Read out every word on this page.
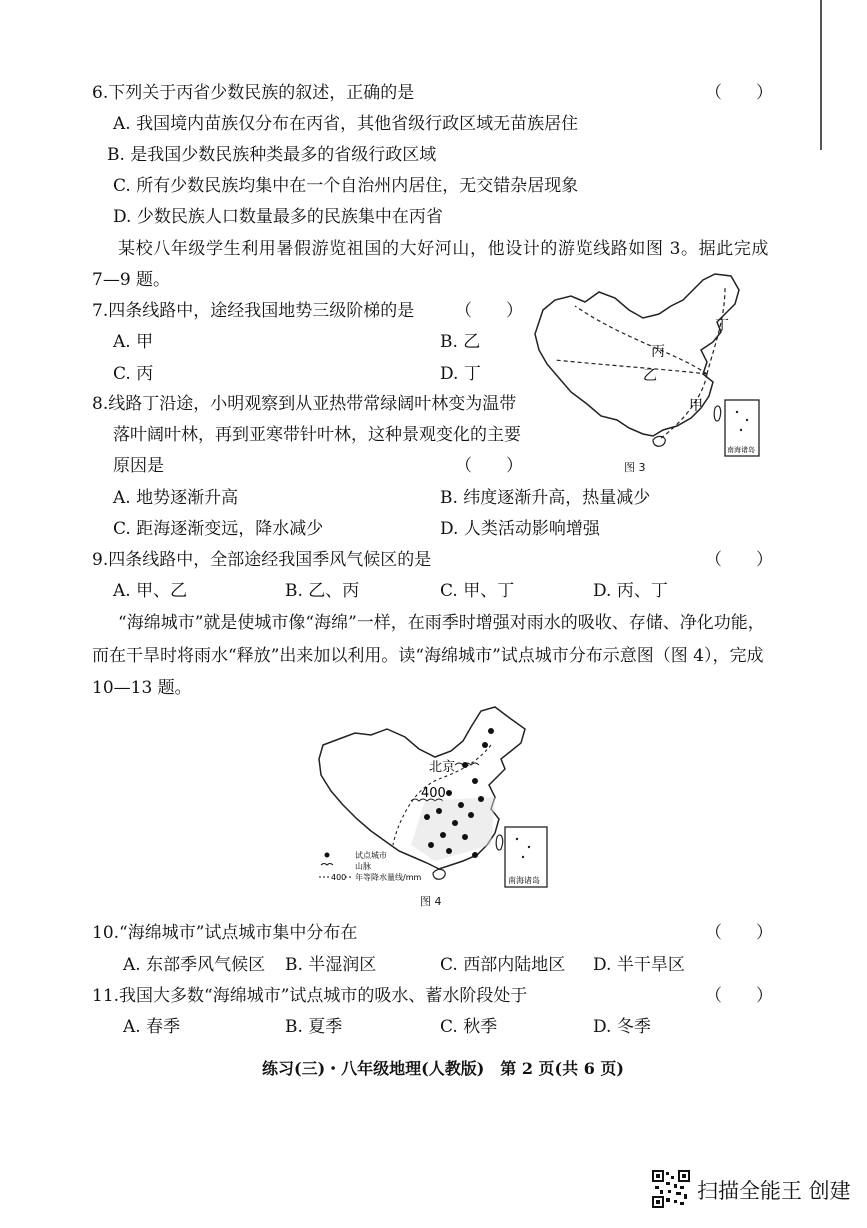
6.下列关于丙省少数民族的叙述，正确的是	（　　）
A. 我国境内苗族仅分布在丙省，其他省级行政区域无苗族居住
B. 是我国少数民族种类最多的省级行政区域
C. 所有少数民族均集中在一个自治州内居住，无交错杂居现象
D. 少数民族人口数量最多的民族集中在丙省
某校八年级学生利用暑假游览祖国的大好河山，他设计的游览线路如图 3。据此完成
7—9 题。
7.四条线路中，途经我国地势三级阶梯的是 （　　）
A. 甲	B. 乙
C. 丙	D. 丁
8.线路丁沿途，小明观察到从亚热带常绿阔叶林变为温带
落叶阔叶林，再到亚寒带针叶林，这种景观变化的主要
原因是	（　　）
A. 地势逐渐升高	B. 纬度逐渐升高，热量减少
C. 距海逐渐变远，降水减少	D. 人类活动影响增强
丁
丙
乙
甲
南海诸岛
图 3
9.四条线路中，全部途经我国季风气候区的是	（　　）
A. 甲、乙	B. 乙、丙	C. 甲、丁	D. 丙、丁
“海绵城市”就是使城市像“海绵”一样，在雨季时增强对雨水的吸收、存储、净化功能，
而在干旱时将雨水“释放”出来加以利用。读“海绵城市”试点城市分布示意图（图 4），完成
10—13 题。
北京
400
试点城市
山脉
400 年等降水量线/mm	南海诸岛
图 4
10.“海绵城市”试点城市集中分布在	（　　）
A. 东部季风气候区 B. 半湿润区	C. 西部内陆地区 D. 半干旱区
11.我国大多数“海绵城市”试点城市的吸水、蓄水阶段处于	（　　）
A. 春季	B. 夏季	C. 秋季	D. 冬季
练习(三)・八年级地理(人教版)　第 2 页(共 6 页)
扫描全能王 创建
